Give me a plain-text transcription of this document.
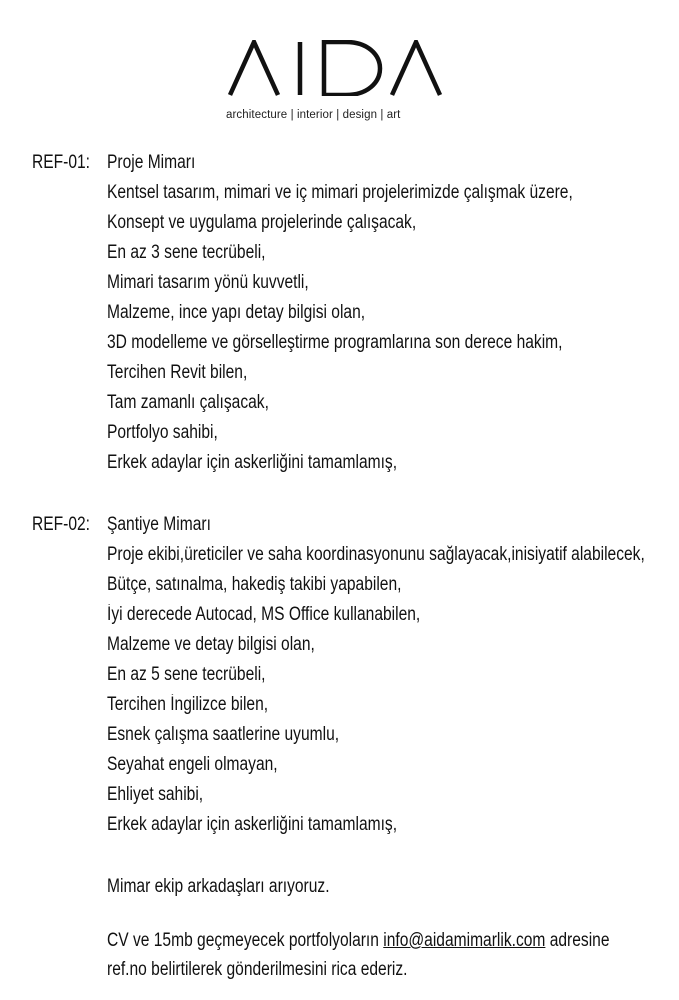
architecture | interior | design | art
REF-01: Proje Mimarı
Kentsel tasarım, mimari ve iç mimari projelerimizde çalışmak üzere,
Konsept ve uygulama projelerinde çalışacak,
En az 3 sene tecrübeli,
Mimari tasarım yönü kuvvetli,
Malzeme, ince yapı detay bilgisi olan,
3D modelleme ve görselleştirme programlarına son derece hakim,
Tercihen Revit bilen,
Tam zamanlı çalışacak,
Portfolyo sahibi,
Erkek adaylar için askerliğini tamamlamış,
REF-02: Şantiye Mimarı
Proje ekibi,üreticiler ve saha koordinasyonunu sağlayacak,inisiyatif alabilecek,
Bütçe, satınalma, hakediş takibi yapabilen,
İyi derecede Autocad, MS Office kullanabilen,
Malzeme ve detay bilgisi olan,
En az 5 sene tecrübeli,
Tercihen İngilizce bilen,
Esnek çalışma saatlerine uyumlu,
Seyahat engeli olmayan,
Ehliyet sahibi,
Erkek adaylar için askerliğini tamamlamış,
Mimar ekip arkadaşları arıyoruz.
CV ve 15mb geçmeyecek portfolyoların info@aidamimarlik.com adresine
ref.no belirtilerek gönderilmesini rica ederiz.
